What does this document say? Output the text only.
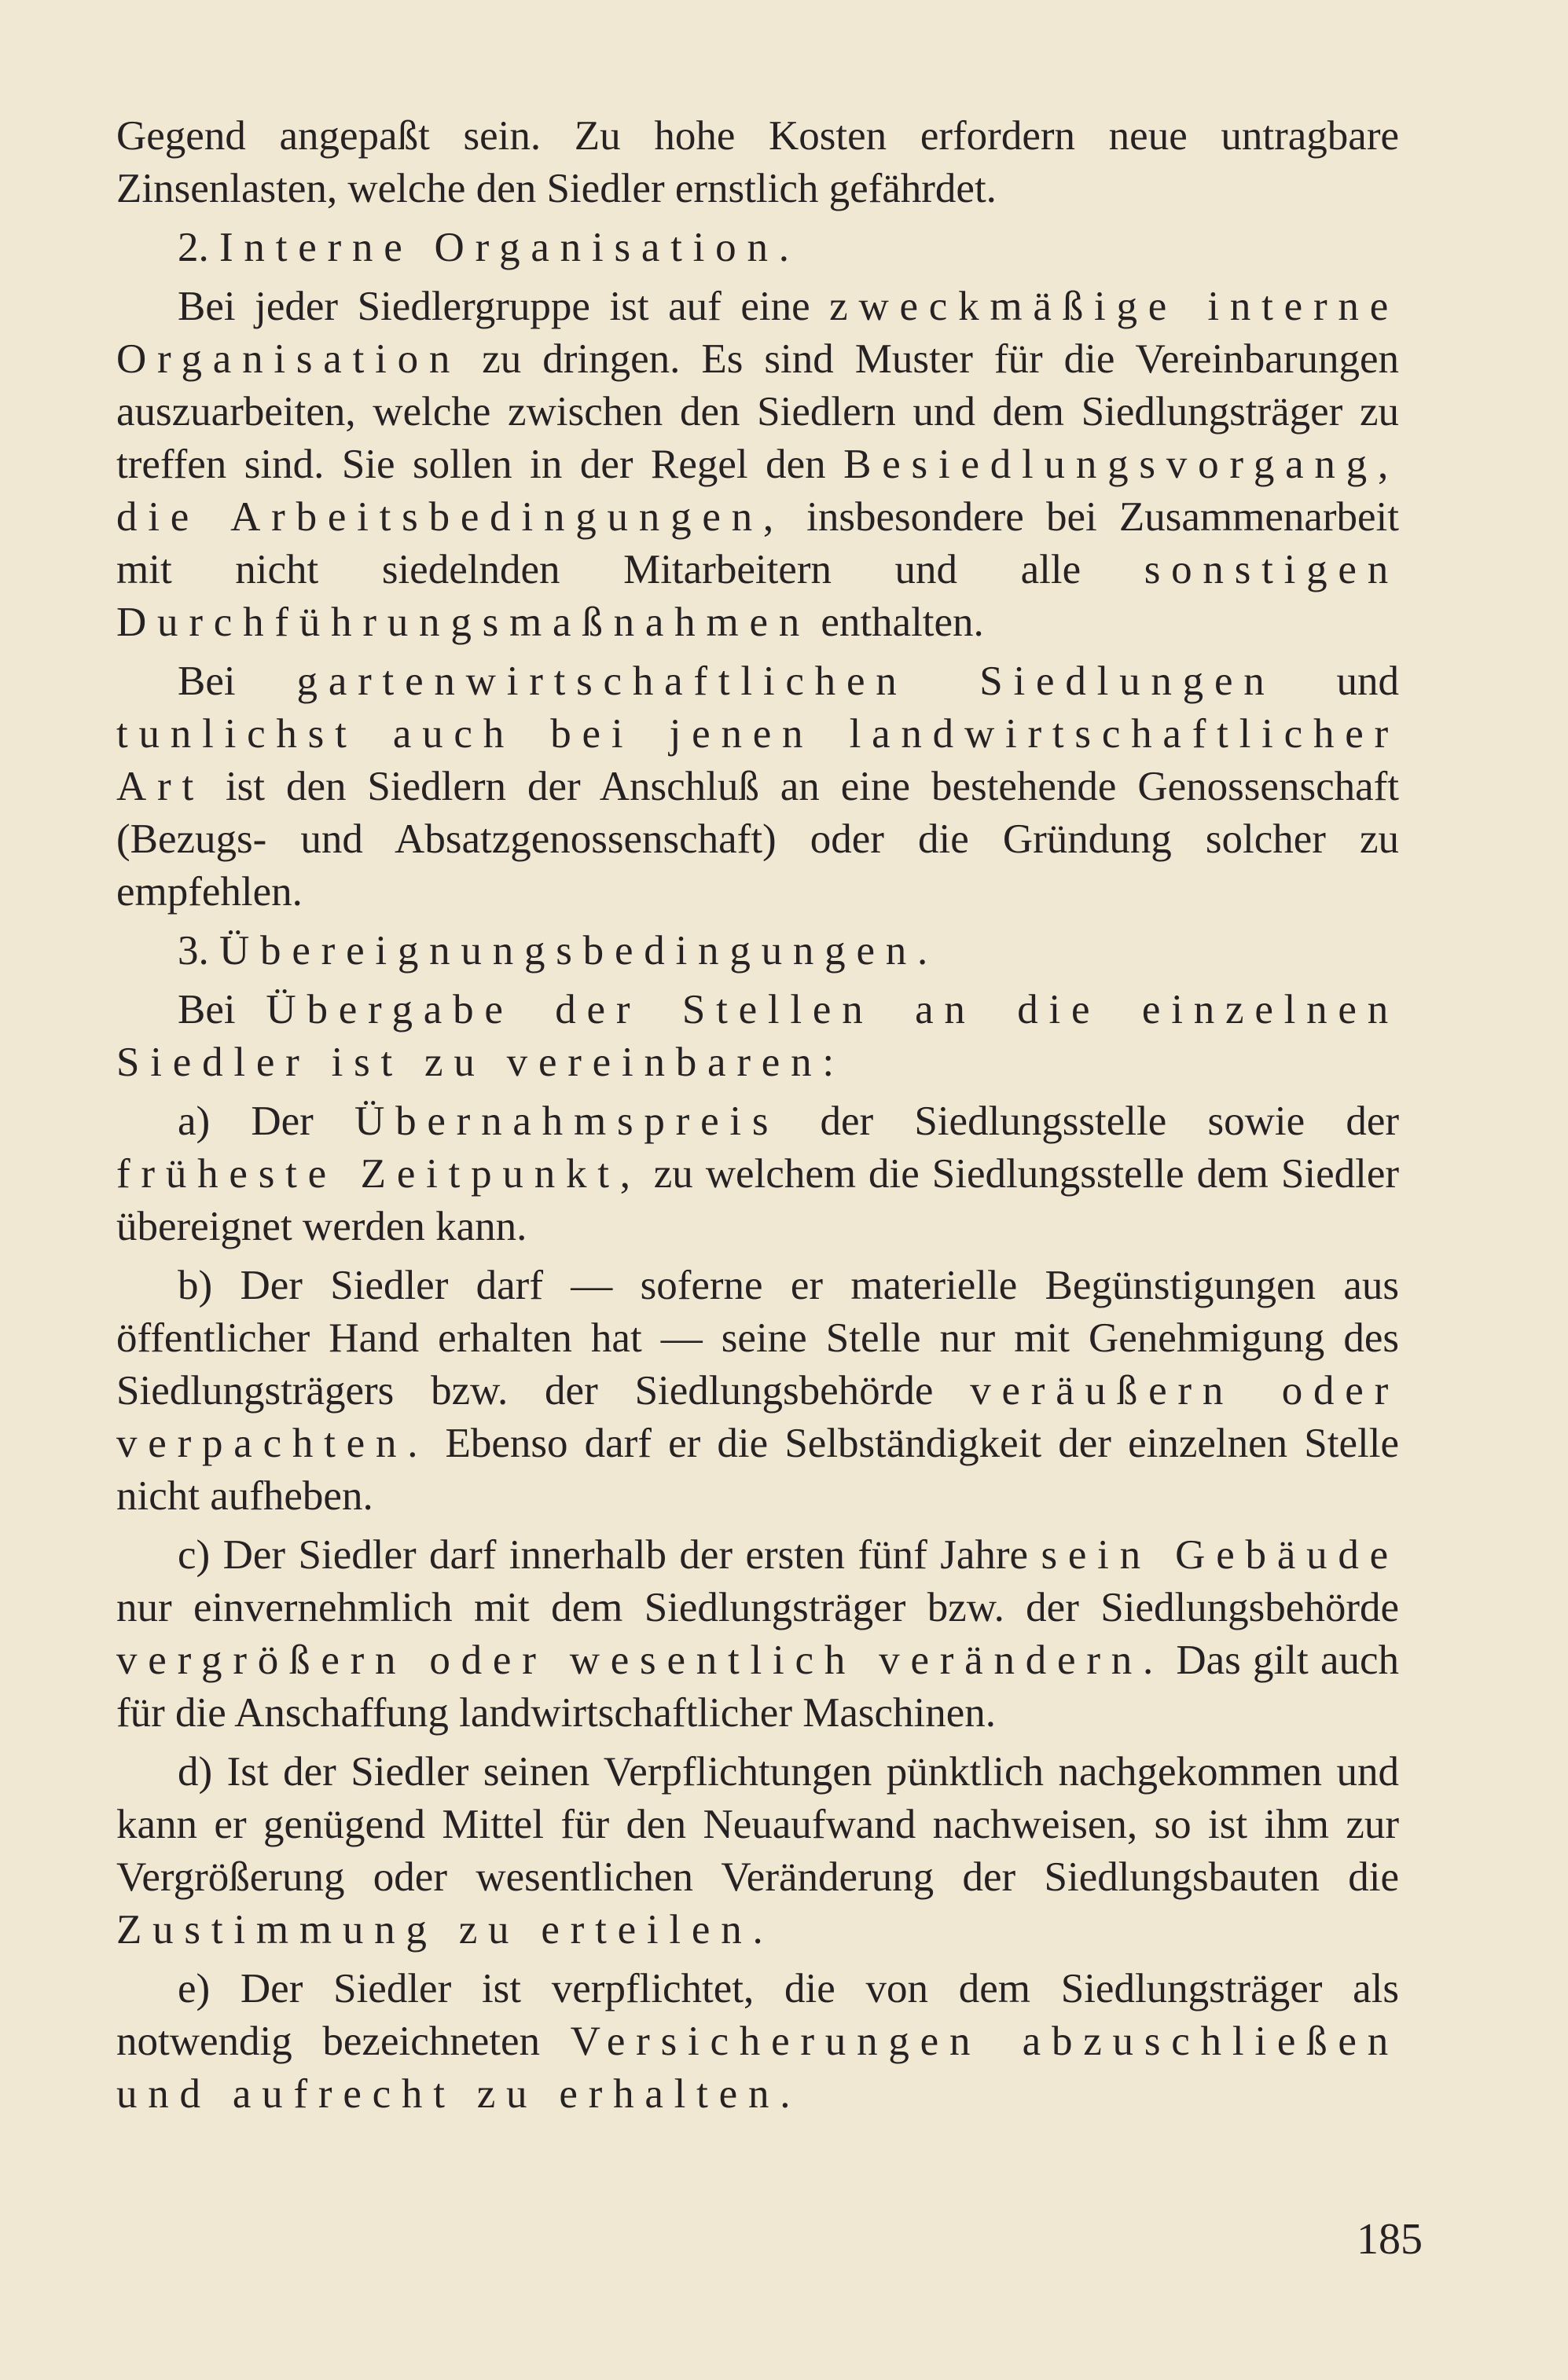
Gegend angepaßt sein. Zu hohe Kosten erfordern neue untragbare Zinsenlasten, welche den Siedler ernstlich gefährdet.

2. Interne Organisation.

Bei jeder Siedlergruppe ist auf eine zweckmäßige interne Organisation zu dringen. Es sind Muster für die Vereinbarungen auszuarbeiten, welche zwischen den Siedlern und dem Siedlungsträger zu treffen sind. Sie sollen in der Regel den Besiedlungsvorgang, die Arbeitsbedingungen, insbesondere bei Zusammenarbeit mit nicht siedelnden Mitarbeitern und alle sonstigen Durchführungsmaßnahmen enthalten.

Bei gartenwirtschaftlichen Siedlungen und tunlichst auch bei jenen landwirtschaftlicher Art ist den Siedlern der Anschluß an eine bestehende Genossenschaft (Bezugs- und Absatzgenossenschaft) oder die Gründung solcher zu empfehlen.

3. Übereignungsbedingungen.

Bei Übergabe der Stellen an die einzelnen Siedler ist zu vereinbaren:

a) Der Übernahmspreis der Siedlungsstelle sowie der früheste Zeitpunkt, zu welchem die Siedlungsstelle dem Siedler übereignet werden kann.

b) Der Siedler darf — soferne er materielle Begünstigungen aus öffentlicher Hand erhalten hat — seine Stelle nur mit Genehmigung des Siedlungsträgers bzw. der Siedlungsbehörde veräußern oder verpachten. Ebenso darf er die Selbständigkeit der einzelnen Stelle nicht aufheben.

c) Der Siedler darf innerhalb der ersten fünf Jahre sein Gebäude nur einvernehmlich mit dem Siedlungsträger bzw. der Siedlungsbehörde vergrößern oder wesentlich verändern. Das gilt auch für die Anschaffung landwirtschaftlicher Maschinen.

d) Ist der Siedler seinen Verpflichtungen pünktlich nachgekommen und kann er genügend Mittel für den Neuaufwand nachweisen, so ist ihm zur Vergrößerung oder wesentlichen Veränderung der Siedlungsbauten die Zustimmung zu erteilen.

e) Der Siedler ist verpflichtet, die von dem Siedlungsträger als notwendig bezeichneten Versicherungen abzuschließen und aufrecht zu erhalten.

185
